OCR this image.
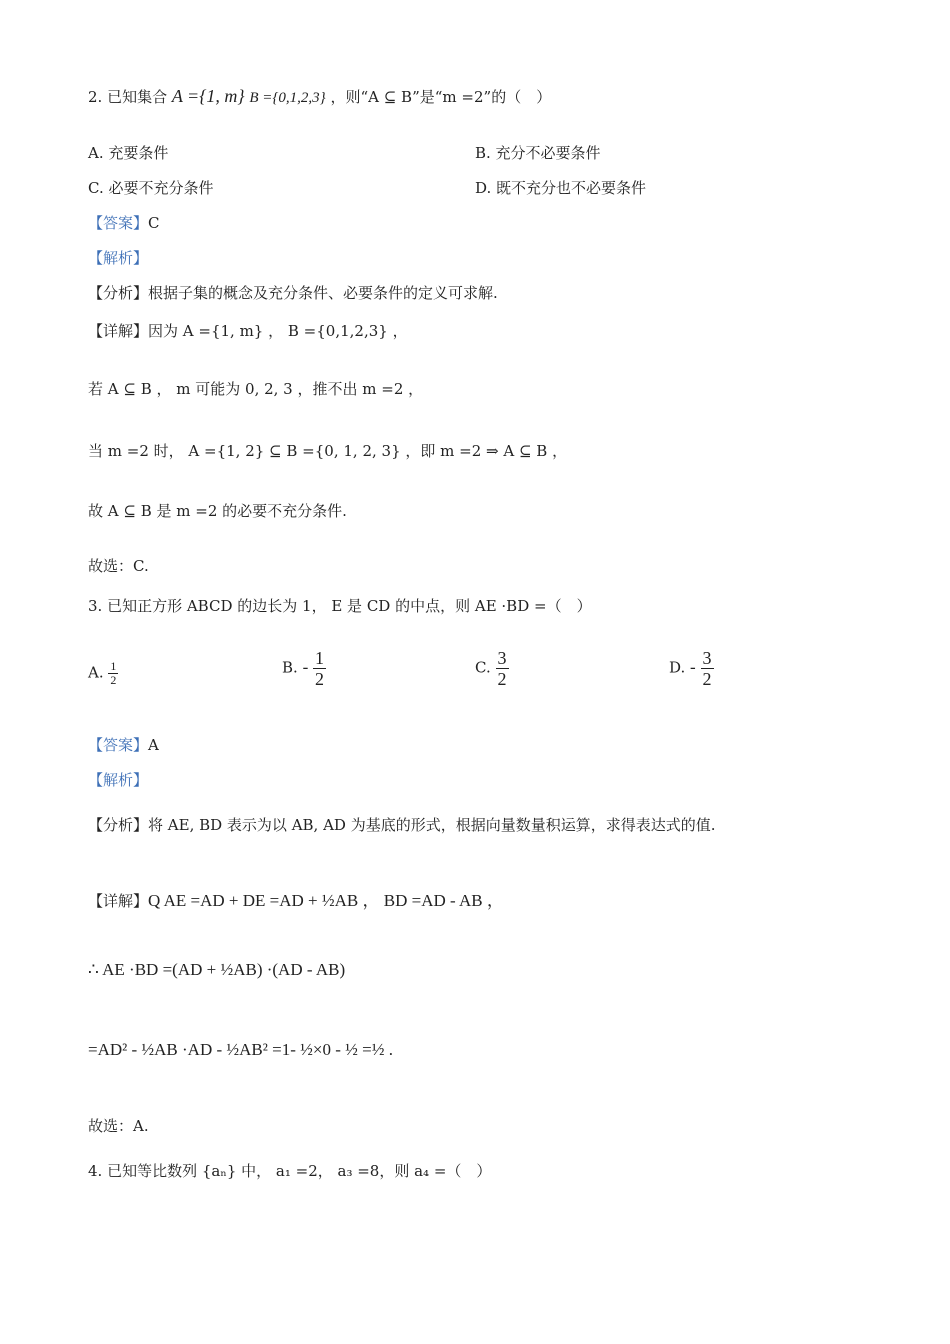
2. 已知集合 A ={1, m} B ={0,1,2,3} ，则“A ⊆ B”是“m =2”的（　）
A. 充要条件	B. 充分不必要条件
C. 必要不充分条件	D. 既不充分也不必要条件
【答案】C
【解析】
【分析】根据子集的概念及充分条件、必要条件的定义可求解.
【详解】因为 A ={1, m} ， B ={0,1,2,3} ，
若 A ⊆ B ， m 可能为 0, 2, 3 ，推不出 m =2 ，
当 m =2 时， A ={1, 2} ⊆ B ={0, 1, 2, 3} ，即 m =2 ⇒ A ⊆ B ，
故 A ⊆ B 是 m =2 的必要不充分条件.
故选：C.
3. 已知正方形 ABCD 的边长为 1， E 是 CD 的中点，则 AE ·BD =（　）
A. $\frac{1}{2}$	B. - $\frac{1}{2}$	C. $\frac{3}{2}$	D. - $\frac{3}{2}$
【答案】A
【解析】
【分析】将 AE, BD 表示为以 AB, AD 为基底的形式，根据向量数量积运算，求得表达式的值.
【详解】Q AE =AD + DE =AD + ½AB ， BD =AD - AB ，
∴ AE ·BD =(AD + ½AB) ·(AD - AB)
=AD² - ½AB ·AD - ½AB² =1- ½×0 - ½ =½ .
故选：A.
4. 已知等比数列 {aₙ} 中， a₁ =2， a₃ =8，则 a₄ =（　）
